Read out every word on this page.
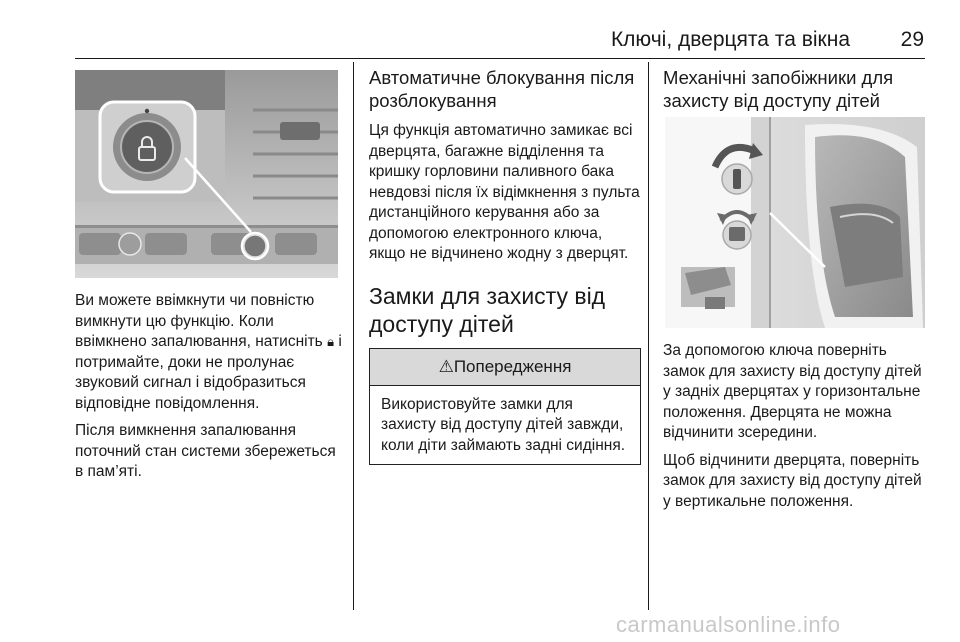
Ключі, дверцята та вікна	29

Ви можете ввімкнути чи повністю вимкнути цю функцію. Коли ввімкнено запалювання, натисніть 🔒︎ і потримайте, доки не пролунає звуковий сигнал і відобразиться відповідне повідомлення.

Після вимкнення запалювання поточний стан системи збережеться в пам’яті.

Автоматичне блокування після розблокування

Ця функція автоматично замикає всі дверцята, багажне відділення та кришку горловини паливного бака невдовзі після їх відімкнення з пульта дистанційного керування або за допомогою електронного ключа, якщо не відчинено жодну з дверцят.

Замки для захисту від доступу дітей
⚠Попередження
Використовуйте замки для захисту від доступу дітей завжди, коли діти займають задні сидіння.
Механічні запобіжники для захисту від доступу дітей

За допомогою ключа поверніть замок для захисту від доступу дітей у задніх дверцятах у горизонтальне положення. Дверцята не можна відчинити зсередини.

Щоб відчинити дверцята, поверніть замок для захисту від доступу дітей у вертикальне положення.

carmanualsonline.info
